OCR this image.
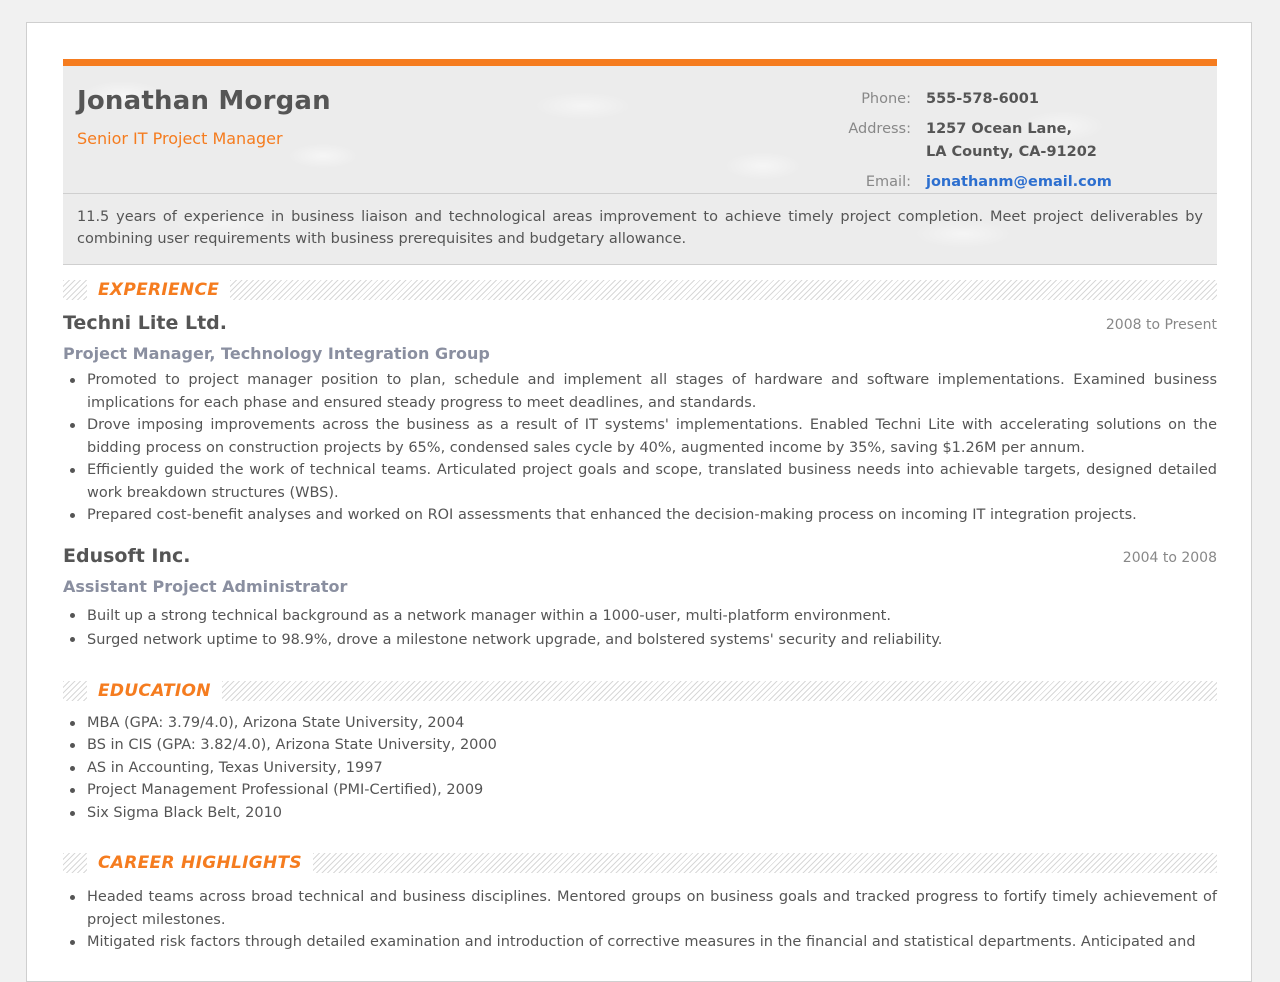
Jonathan Morgan
Senior IT Project Manager
Phone:	555-578-6001
Address:	1257 Ocean Lane,
LA County, CA-91202
Email:	jonathanm@email.com
11.5 years of experience in business liaison and technological areas improvement to achieve timely project completion. Meet project deliverables by combining user requirements with business prerequisites and budgetary allowance.
EXPERIENCE
Techni Lite Ltd.	2008 to Present
Project Manager, Technology Integration Group
Promoted to project manager position to plan, schedule and implement all stages of hardware and software implementations. Examined business implications for each phase and ensured steady progress to meet deadlines, and standards.
Drove imposing improvements across the business as a result of IT systems' implementations. Enabled Techni Lite with accelerating solutions on the bidding process on construction projects by 65%, condensed sales cycle by 40%, augmented income by 35%, saving $1.26M per annum.
Efficiently guided the work of technical teams. Articulated project goals and scope, translated business needs into achievable targets, designed detailed work breakdown structures (WBS).
Prepared cost-benefit analyses and worked on ROI assessments that enhanced the decision-making process on incoming IT integration projects.
Edusoft Inc.	2004 to 2008
Assistant Project Administrator
Built up a strong technical background as a network manager within a 1000-user, multi-platform environment.
Surged network uptime to 98.9%, drove a milestone network upgrade, and bolstered systems' security and reliability.
EDUCATION
MBA (GPA: 3.79/4.0), Arizona State University, 2004
BS in CIS (GPA: 3.82/4.0), Arizona State University, 2000
AS in Accounting, Texas University, 1997
Project Management Professional (PMI-Certified), 2009
Six Sigma Black Belt, 2010
CAREER HIGHLIGHTS
Headed teams across broad technical and business disciplines. Mentored groups on business goals and tracked progress to fortify timely achievement of project milestones.
Mitigated risk factors through detailed examination and introduction of corrective measures in the financial and statistical departments. Anticipated and
